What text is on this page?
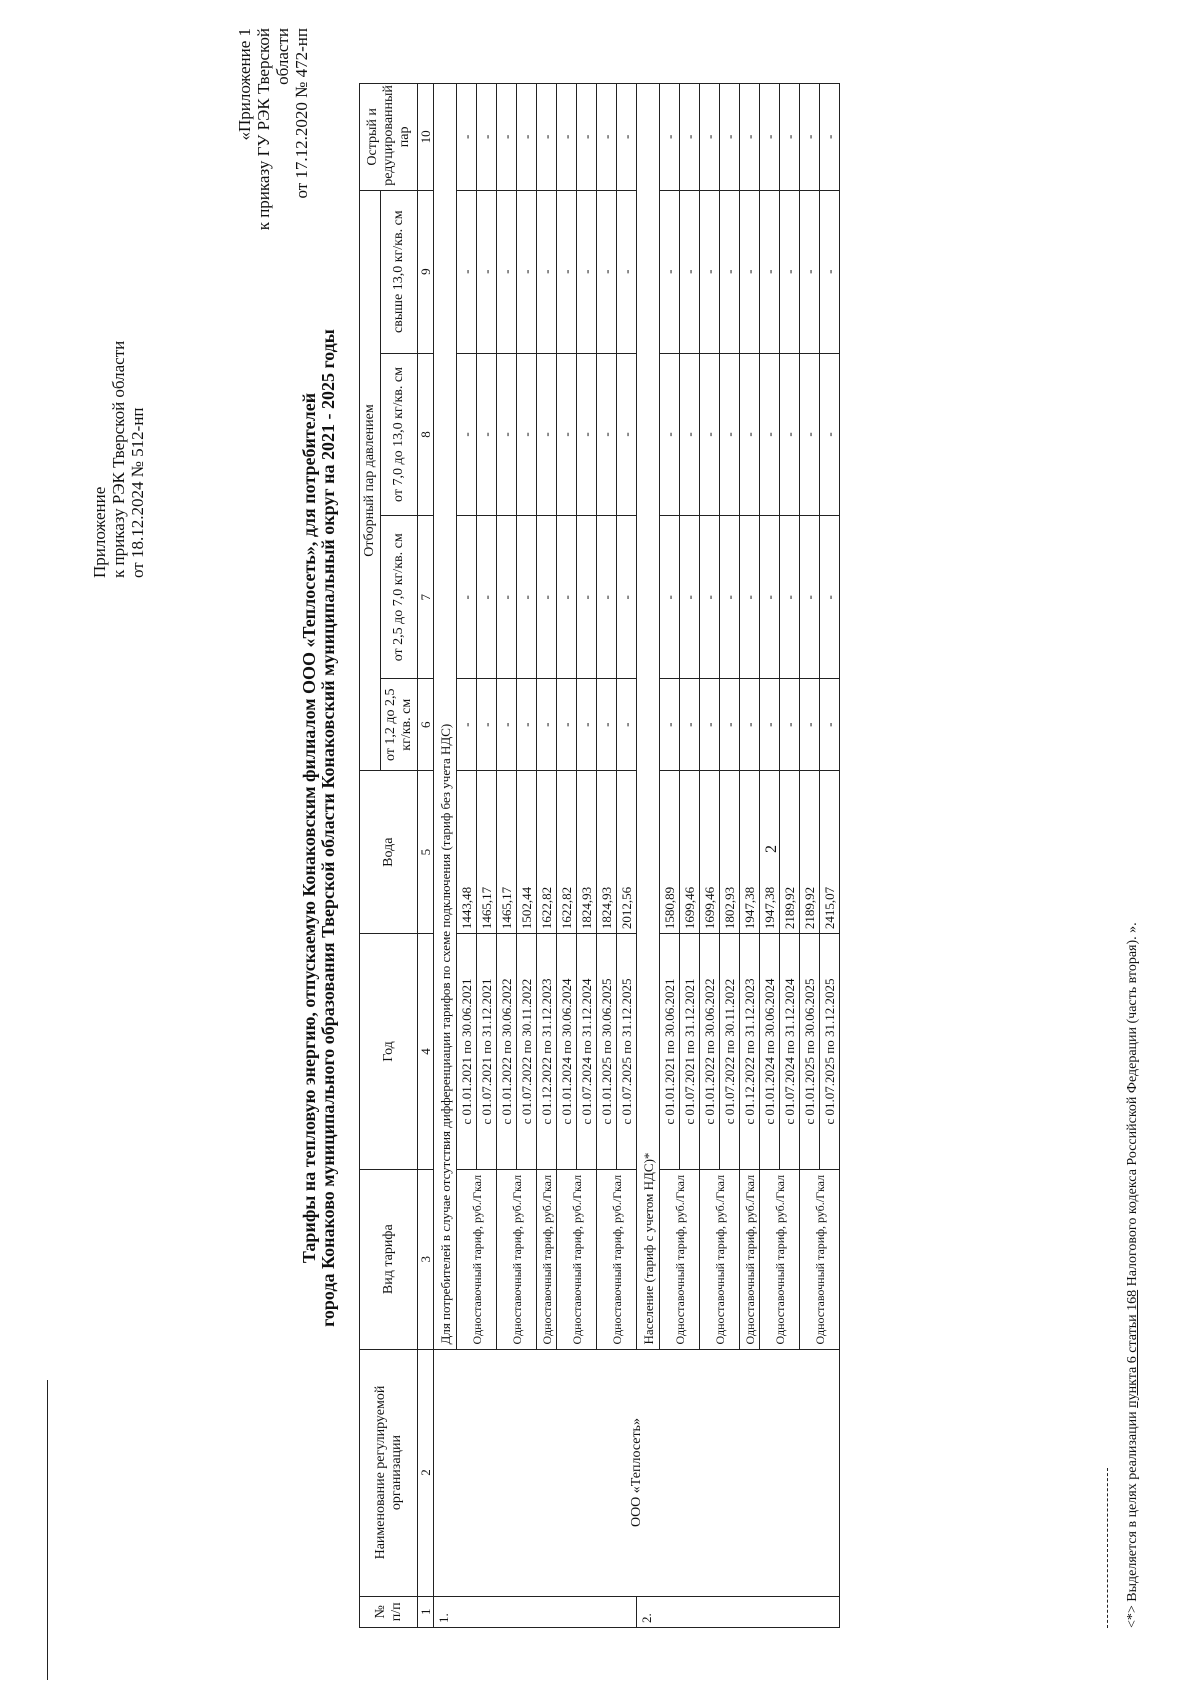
2
Приложение к приказу РЭК Тверской области от 18.12.2024 № 512-нп
«Приложение 1 к приказу ГУ РЭК Тверской области от 17.12.2020 № 472-нп
Тарифы на тепловую энергию, отпускаемую Конаковским филиалом ООО «Теплосеть», для потребителей города Конаково муниципального образования Тверской области Конаковский муниципальный округ на 2021 - 2025 годы
№ п/п	Наименование регулируемой организации	Вид тарифа	Год	Вода	Отборный пар давлением				Острый и редуцированный пар
					от 1,2 до 2,5 кг/кв. см	от 2,5 до 7,0 кг/кв. см	от 7,0 до 13,0 кг/кв. см	свыше 13,0 кг/кв. см	
1	2	3	4	5	6	7	8	9	10
1.	ООО «Теплосеть»	Для потребителей в случае отсутствия дифференциации тарифов по схеме подключения (тариф без учета НДС)							
		Одноставочный тариф, руб./Гкал	с 01.01.2021 по 30.06.2021	1443,48	-	-	-	-	-
			с 01.07.2021 по 31.12.2021	1465,17	-	-	-	-	-
		Одноставочный тариф, руб./Гкал	с 01.01.2022 по 30.06.2022	1465,17	-	-	-	-	-
			с 01.07.2022 по 30.11.2022	1502,44	-	-	-	-	-
		Одноставочный тариф, руб./Гкал	с 01.12.2022 по 31.12.2023	1622,82	-	-	-	-	-
		Одноставочный тариф, руб./Гкал	с 01.01.2024 по 30.06.2024	1622,82	-	-	-	-	-
			с 01.07.2024 по 31.12.2024	1824,93	-	-	-	-	-
		Одноставочный тариф, руб./Гкал	с 01.01.2025 по 30.06.2025	1824,93	-	-	-	-	-
			с 01.07.2025 по 31.12.2025	2012,56	-	-	-	-	-
2.		Население (тариф с учетом НДС)*							
		Одноставочный тариф, руб./Гкал	с 01.01.2021 по 30.06.2021	1580,89	-	-	-	-	-
			с 01.07.2021 по 31.12.2021	1699,46	-	-	-	-	-
		Одноставочный тариф, руб./Гкал	с 01.01.2022 по 30.06.2022	1699,46	-	-	-	-	-
			с 01.07.2022 по 30.11.2022	1802,93	-	-	-	-	-
		Одноставочный тариф, руб./Гкал	с 01.12.2022 по 31.12.2023	1947,38	-	-	-	-	-
		Одноставочный тариф, руб./Гкал	с 01.01.2024 по 30.06.2024	1947,38	-	-	-	-	-
			с 01.07.2024 по 31.12.2024	2189,92	-	-	-	-	-
		Одноставочный тариф, руб./Гкал	с 01.01.2025 по 30.06.2025	2189,92	-	-	-	-	-
			с 01.07.2025 по 31.12.2025	2415,07	-	-	-	-	-
<*> Выделяется в целях реализации пункта 6 статьи 168 Налогового кодекса Российской Федерации (часть вторая). ».
